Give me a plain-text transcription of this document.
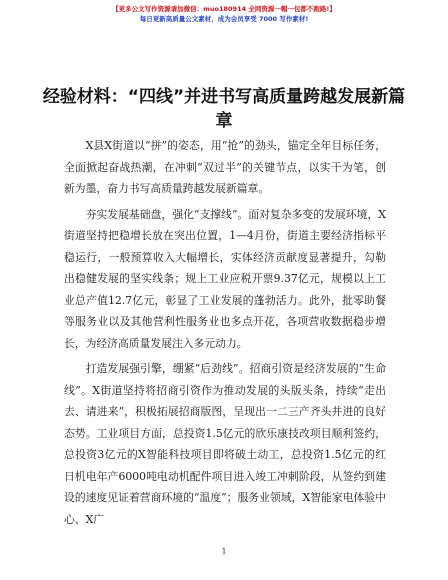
【更多公文写作资源请加微信：muo180914 全网资源一帽一包都不跑路!】
每日更新高质量公文素材，成为会员享受 7000 写作素材!
经验材料：“四线”并进书写高质量跨越发展新篇章

X县X街道以“拼”的姿态，用“抢”的劲头，锚定全年目标任务，全面掀起奋战热潮，在冲刺“双过半”的关键节点，以实干为笔，创新为墨，奋力书写高质量跨越发展新篇章。

夯实发展基础盘，强化“支撑线”。面对复杂多变的发展环境，X街道坚持把稳增长放在突出位置，1—4月份，街道主要经济指标平稳运行，一般预算收入大幅增长，实体经济贡献度显著提升，勾勒出稳健发展的坚实线条；规上工业应税开票9.37亿元，规模以上工业总产值12.7亿元，彰显了工业发展的蓬勃活力。此外，批零助餐等服务业以及其他营利性服务业也多点开花，各项营收数据稳步增长，为经济高质量发展注入多元动力。

打造发展强引擎，绷紧“后劲线”。招商引资是经济发展的“生命线”。X街道坚持将招商引资作为推动发展的头版头条，持续“走出去、请进来”，积极拓展招商版图，呈现出一二三产齐头并进的良好态势。工业项目方面，总投资1.5亿元的欣乐康技改项目顺利签约，总投资3亿元的X智能科技项目即将破土动工，总投资1.5亿元的红日机电年产6000吨电动机配件项目进入竣工冲刺阶段，从签约到建设的速度见证着营商环境的“温度”；服务业领域，X智能家电体验中心、X广

1
